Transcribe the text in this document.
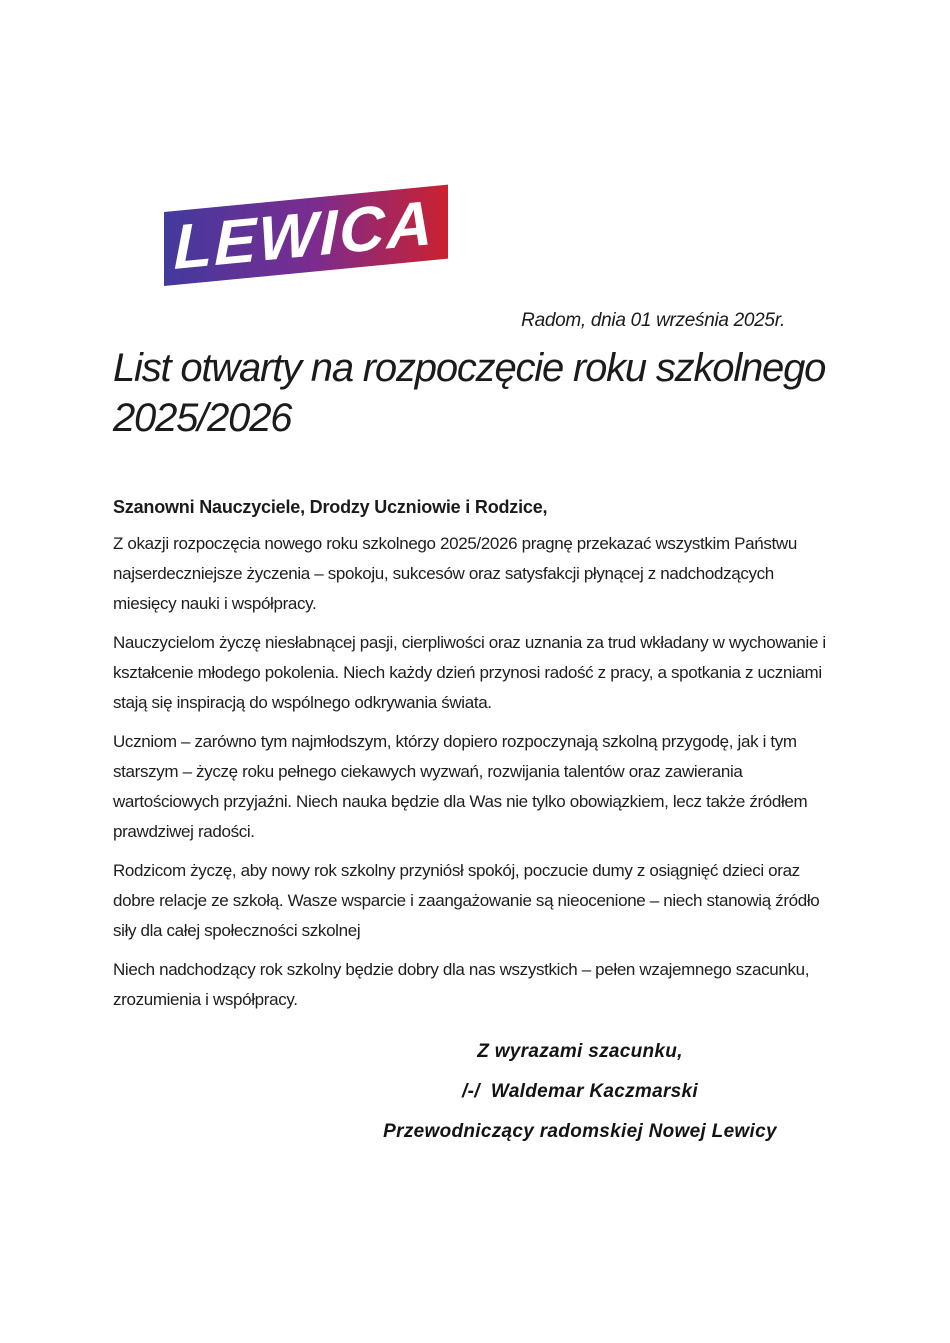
LEWICA
Radom, dnia 01 września 2025r.
List otwarty na rozpoczęcie roku szkolnego 2025/2026

Szanowni Nauczyciele, Drodzy Uczniowie i Rodzice,

Z okazji rozpoczęcia nowego roku szkolnego 2025/2026 pragnę przekazać wszystkim Państwu najserdeczniejsze życzenia – spokoju, sukcesów oraz satysfakcji płynącej z nadchodzących miesięcy nauki i współpracy.

Nauczycielom życzę niesłabnącej pasji, cierpliwości oraz uznania za trud wkładany w wychowanie i kształcenie młodego pokolenia. Niech każdy dzień przynosi radość z pracy, a spotkania z uczniami stają się inspiracją do wspólnego odkrywania świata.

Uczniom – zarówno tym najmłodszym, którzy dopiero rozpoczynają szkolną przygodę, jak i tym starszym – życzę roku pełnego ciekawych wyzwań, rozwijania talentów oraz zawierania wartościowych przyjaźni. Niech nauka będzie dla Was nie tylko obowiązkiem, lecz także źródłem prawdziwej radości.

Rodzicom życzę, aby nowy rok szkolny przyniósł spokój, poczucie dumy z osiągnięć dzieci oraz dobre relacje ze szkołą. Wasze wsparcie i zaangażowanie są nieocenione – niech stanowią źródło siły dla całej społeczności szkolnej

Niech nadchodzący rok szkolny będzie dobry dla nas wszystkich – pełen wzajemnego szacunku, zrozumienia i współpracy.

Z wyrazami szacunku,

/-/  Waldemar Kaczmarski

Przewodniczący radomskiej Nowej Lewicy
